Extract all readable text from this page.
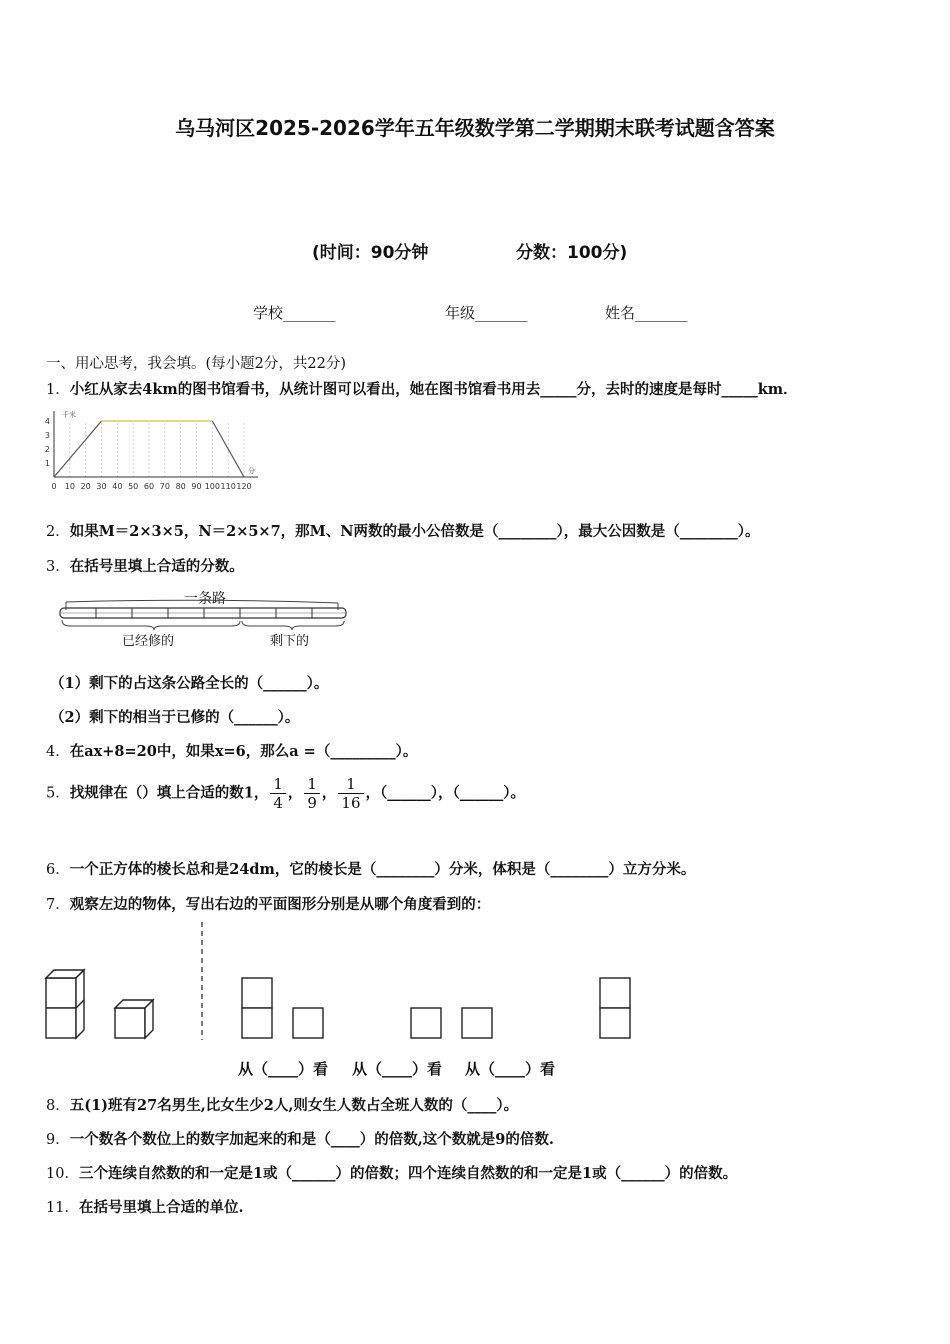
乌马河区2025-2026学年五年级数学第二学期期末联考试题含答案
(时间：90分钟	分数：100分)
学校_______	年级_______	姓名_______
一、用心思考，我会填。(每小题2分，共22分)
1．小红从家去4km的图书馆看书，从统计图可以看出，她在图书馆看书用去_____分，去时的速度是每时_____km．
0 10 20 30 40 50 60 70 80 90 100 110 120
1
2
3
4
千米
分
2．如果M＝2×3×5，N＝2×5×7，那M、N两数的最小公倍数是（________），最大公因数是（________）。
3．在括号里填上合适的分数。
一条路
已经修的	剩下的
（1）剩下的占这条公路全长的（______）。
（2）剩下的相当于已修的（______）。
4．在ax+8=20中，如果x=6，那么a =（_________）。
5．找规律在（）填上合适的数1， $\frac{1}{4}$ ， $\frac{1}{9}$ ， $\frac{1}{16}$ ，（______），（______）。
6．一个正方体的棱长总和是24dm，它的棱长是（________）分米，体积是（________）立方分米。
7．观察左边的物体，写出右边的平面图形分别是从哪个角度看到的：
从（____）看 从（____）看 从（____）看
8．五(1)班有27名男生,比女生少2人,则女生人数占全班人数的（____）。
9．一个数各个数位上的数字加起来的和是（____）的倍数,这个数就是9的倍数.
10．三个连续自然数的和一定是1或（______）的倍数；四个连续自然数的和一定是1或（______）的倍数。
11．在括号里填上合适的单位.
